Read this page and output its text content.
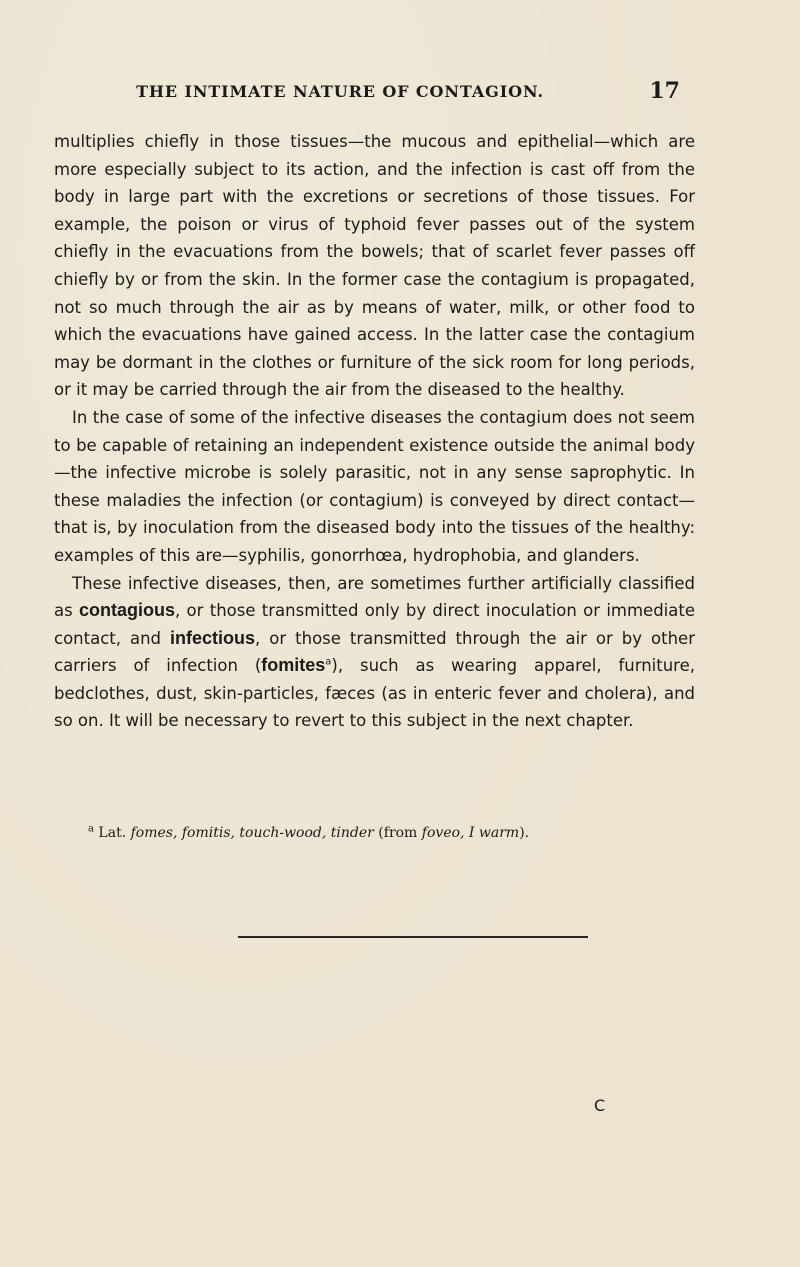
THE INTIMATE NATURE OF CONTAGION.	17

multiplies chiefly in those tissues—the mucous and epithelial—which are more especially subject to its action, and the infection is cast off from the body in large part with the excretions or secretions of those tissues. For example, the poison or virus of typhoid fever passes out of the system chiefly in the evacuations from the bowels; that of scarlet fever passes off chiefly by or from the skin. In the former case the contagium is propagated, not so much through the air as by means of water, milk, or other food to which the evacuations have gained access. In the latter case the contagium may be dormant in the clothes or furniture of the sick room for long periods, or it may be carried through the air from the diseased to the healthy.

In the case of some of the infective diseases the contagium does not seem to be capable of retaining an independent existence outside the animal body—the infective microbe is solely parasitic, not in any sense saprophytic. In these maladies the infection (or contagium) is conveyed by direct contact—that is, by inoculation from the diseased body into the tissues of the healthy: examples of this are—syphilis, gonorrhœa, hydrophobia, and glanders.

These infective diseases, then, are sometimes further artificially classified as contagious, or those transmitted only by direct inoculation or immediate contact, and infectious, or those transmitted through the air or by other carriers of infection (fomites$^a$), such as wearing apparel, furniture, bedclothes, dust, skin-particles, fæces (as in enteric fever and cholera), and so on. It will be necessary to revert to this subject in the next chapter.

$^a$ Lat. fomes, fomitis, touch-wood, tinder (from foveo, I warm).
C
